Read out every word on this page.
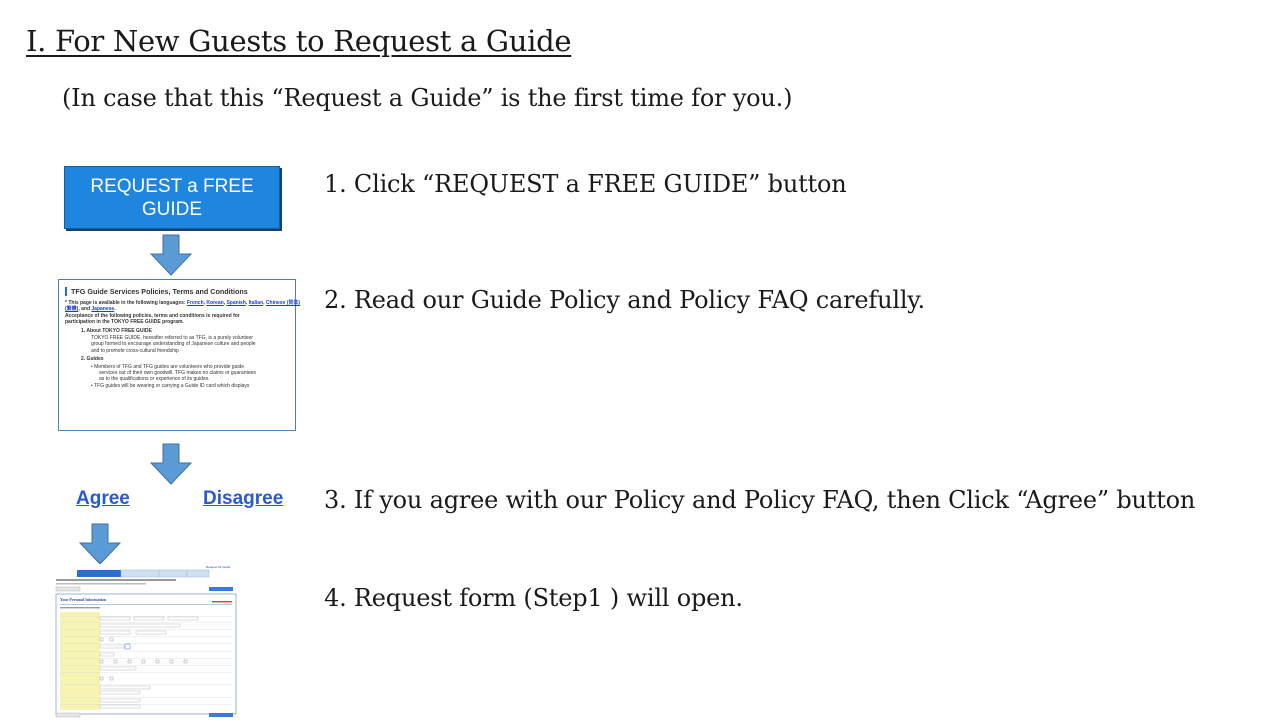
I. For New Guests to Request a Guide
(In case that this “Request a Guide” is the first time for you.)
1. Click “REQUEST a FREE GUIDE” button
2. Read our Guide Policy and Policy FAQ carefully.
3. If you agree with our Policy and Policy FAQ, then Click “Agree” button
4. Request form (Step1 ) will open.
REQUEST a FREE GUIDE
TFG Guide Services Policies, Terms and Conditions
* This page is available in the following languages: French, Korean, Spanish, Italian, Chinese (简体)
(繁體), and Japanese.
Acceptance of the following policies, terms and conditions is required for
participation in the TOKYO FREE GUIDE program.
1. About TOKYO FREE GUIDE
TOKYO FREE GUIDE, hereafter referred to as TFG, is a purely volunteer
group formed to encourage understanding of Japanese culture and people
and to promote cross-cultural friendship
2. Guides
• Members of TFG and TFG guides are volunteers who provide guide
services out of their own goodwill. TFG makes no claims or guarantees
as to the qualifications or experience of its guides.
• TFG guides will be wearing or carrying a Guide ID card which displays
Agree	Disagree
Request for Guide
Your Personal Information
